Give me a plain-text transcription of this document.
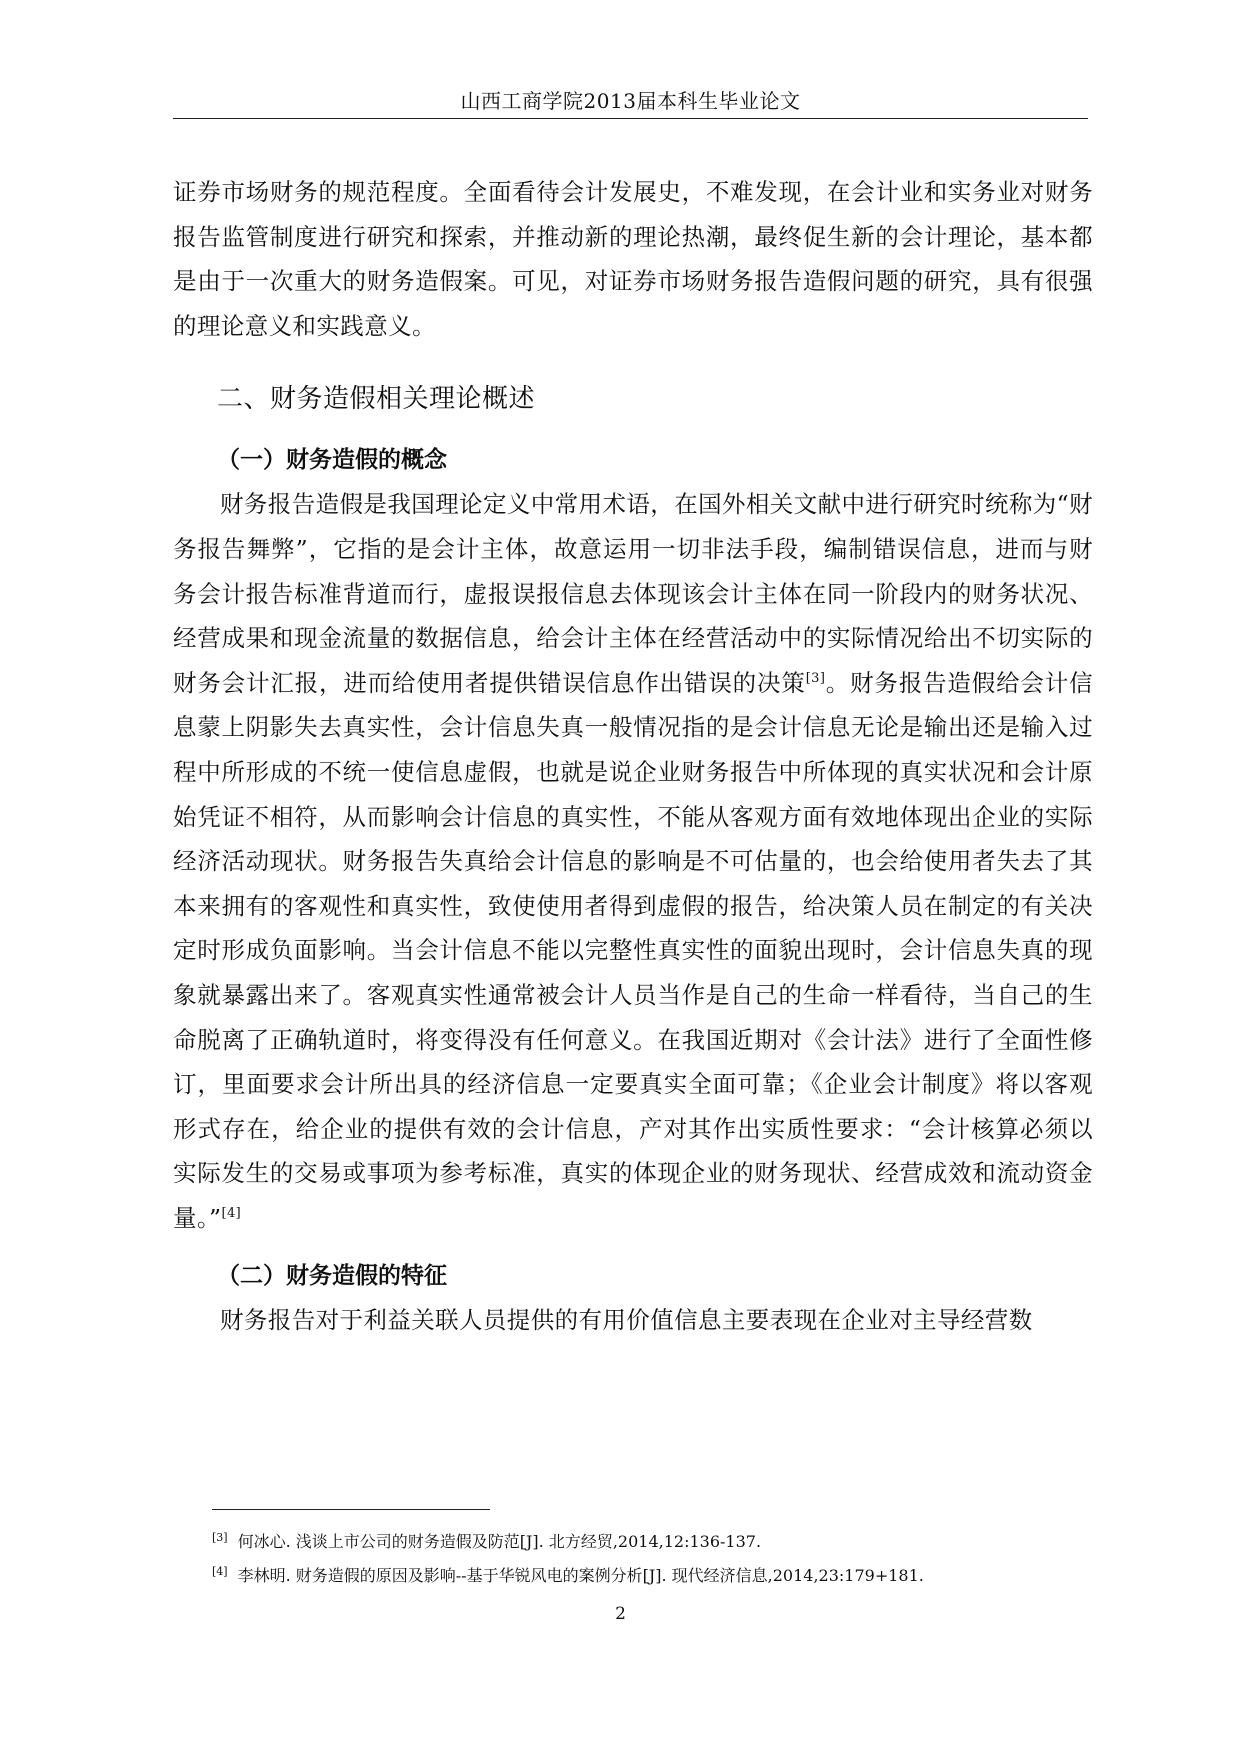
山西工商学院2013届本科生毕业论文

证券市场财务的规范程度。全面看待会计发展史，不难发现，在会计业和实务业对财务报告监管制度进行研究和探索，并推动新的理论热潮，最终促生新的会计理论，基本都是由于一次重大的财务造假案。可见，对证券市场财务报告造假问题的研究，具有很强的理论意义和实践意义。

二、财务造假相关理论概述
（一）财务造假的概念

财务报告造假是我国理论定义中常用术语，在国外相关文献中进行研究时统称为“财务报告舞弊”，它指的是会计主体，故意运用一切非法手段，编制错误信息，进而与财务会计报告标准背道而行，虚报误报信息去体现该会计主体在同一阶段内的财务状况、经营成果和现金流量的数据信息，给会计主体在经营活动中的实际情况给出不切实际的财务会计汇报，进而给使用者提供错误信息作出错误的决策[3]。财务报告造假给会计信息蒙上阴影失去真实性，会计信息失真一般情况指的是会计信息无论是输出还是输入过程中所形成的不统一使信息虚假，也就是说企业财务报告中所体现的真实状况和会计原始凭证不相符，从而影响会计信息的真实性，不能从客观方面有效地体现出企业的实际经济活动现状。财务报告失真给会计信息的影响是不可估量的，也会给使用者失去了其本来拥有的客观性和真实性，致使使用者得到虚假的报告，给决策人员在制定的有关决定时形成负面影响。当会计信息不能以完整性真实性的面貌出现时，会计信息失真的现象就暴露出来了。客观真实性通常被会计人员当作是自己的生命一样看待，当自己的生命脱离了正确轨道时，将变得没有任何意义。在我国近期对《会计法》进行了全面性修订，里面要求会计所出具的经济信息一定要真实全面可靠；《企业会计制度》将以客观形式存在，给企业的提供有效的会计信息，产对其作出实质性要求：“会计核算必须以实际发生的交易或事项为参考标准，真实的体现企业的财务现状、经营成效和流动资金量。”[4]

（二）财务造假的特征

财务报告对于利益关联人员提供的有用价值信息主要表现在企业对主导经营数

[3] 何冰心. 浅谈上市公司的财务造假及防范[J]. 北方经贸,2014,12:136-137.
[4] 李林明. 财务造假的原因及影响--基于华锐风电的案例分析[J]. 现代经济信息,2014,23:179+181.
2
